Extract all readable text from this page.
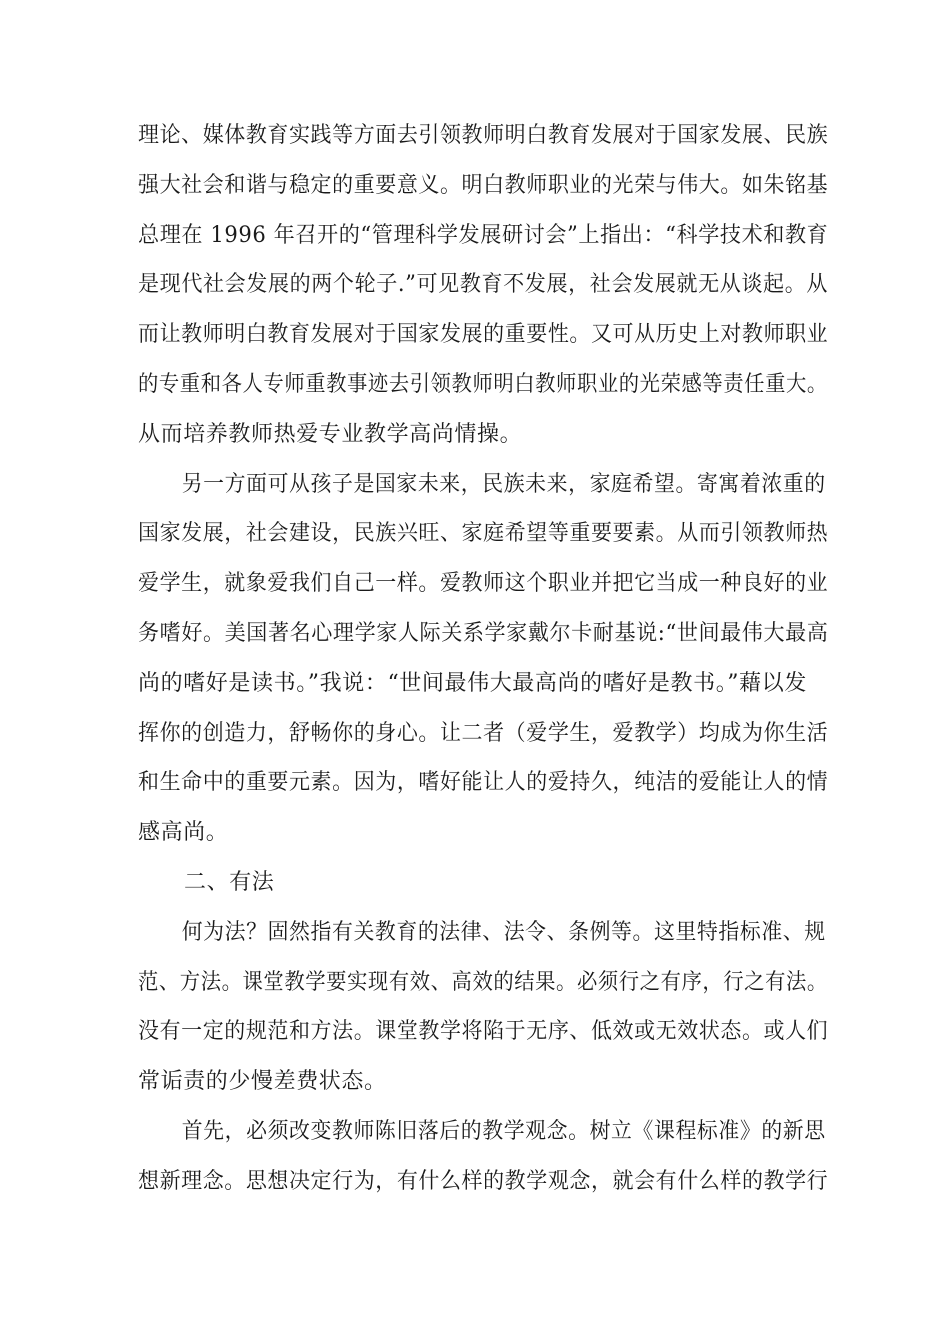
理论、媒体教育实践等方面去引领教师明白教育发展对于国家发展、民族
强大社会和谐与稳定的重要意义。明白教师职业的光荣与伟大。如朱铭基
总理在 1996 年召开的“管理科学发展研讨会”上指出：“科学技术和教育
是现代社会发展的两个轮子.”可见教育不发展，社会发展就无从谈起。从
而让教师明白教育发展对于国家发展的重要性。又可从历史上对教师职业
的专重和各人专师重教事迹去引领教师明白教师职业的光荣感等责任重大。
从而培养教师热爱专业教学高尚情操。
另一方面可从孩子是国家未来，民族未来，家庭希望。寄寓着浓重的
国家发展，社会建设，民族兴旺、家庭希望等重要要素。从而引领教师热
爱学生，就象爱我们自己一样。爱教师这个职业并把它当成一种良好的业
务嗜好。美国著名心理学家人际关系学家戴尔卡耐基说:“世间最伟大最高
尚的嗜好是读书。”我说：“世间最伟大最高尚的嗜好是教书。”藉以发
挥你的创造力，舒畅你的身心。让二者（爱学生，爱教学）均成为你生活
和生命中的重要元素。因为，嗜好能让人的爱持久，纯洁的爱能让人的情
感高尚。
二、有法
何为法？固然指有关教育的法律、法令、条例等。这里特指标准、规
范、方法。课堂教学要实现有效、高效的结果。必须行之有序，行之有法。
没有一定的规范和方法。课堂教学将陷于无序、低效或无效状态。或人们
常诟责的少慢差费状态。
首先，必须改变教师陈旧落后的教学观念。树立《课程标准》的新思
想新理念。思想决定行为，有什么样的教学观念，就会有什么样的教学行
